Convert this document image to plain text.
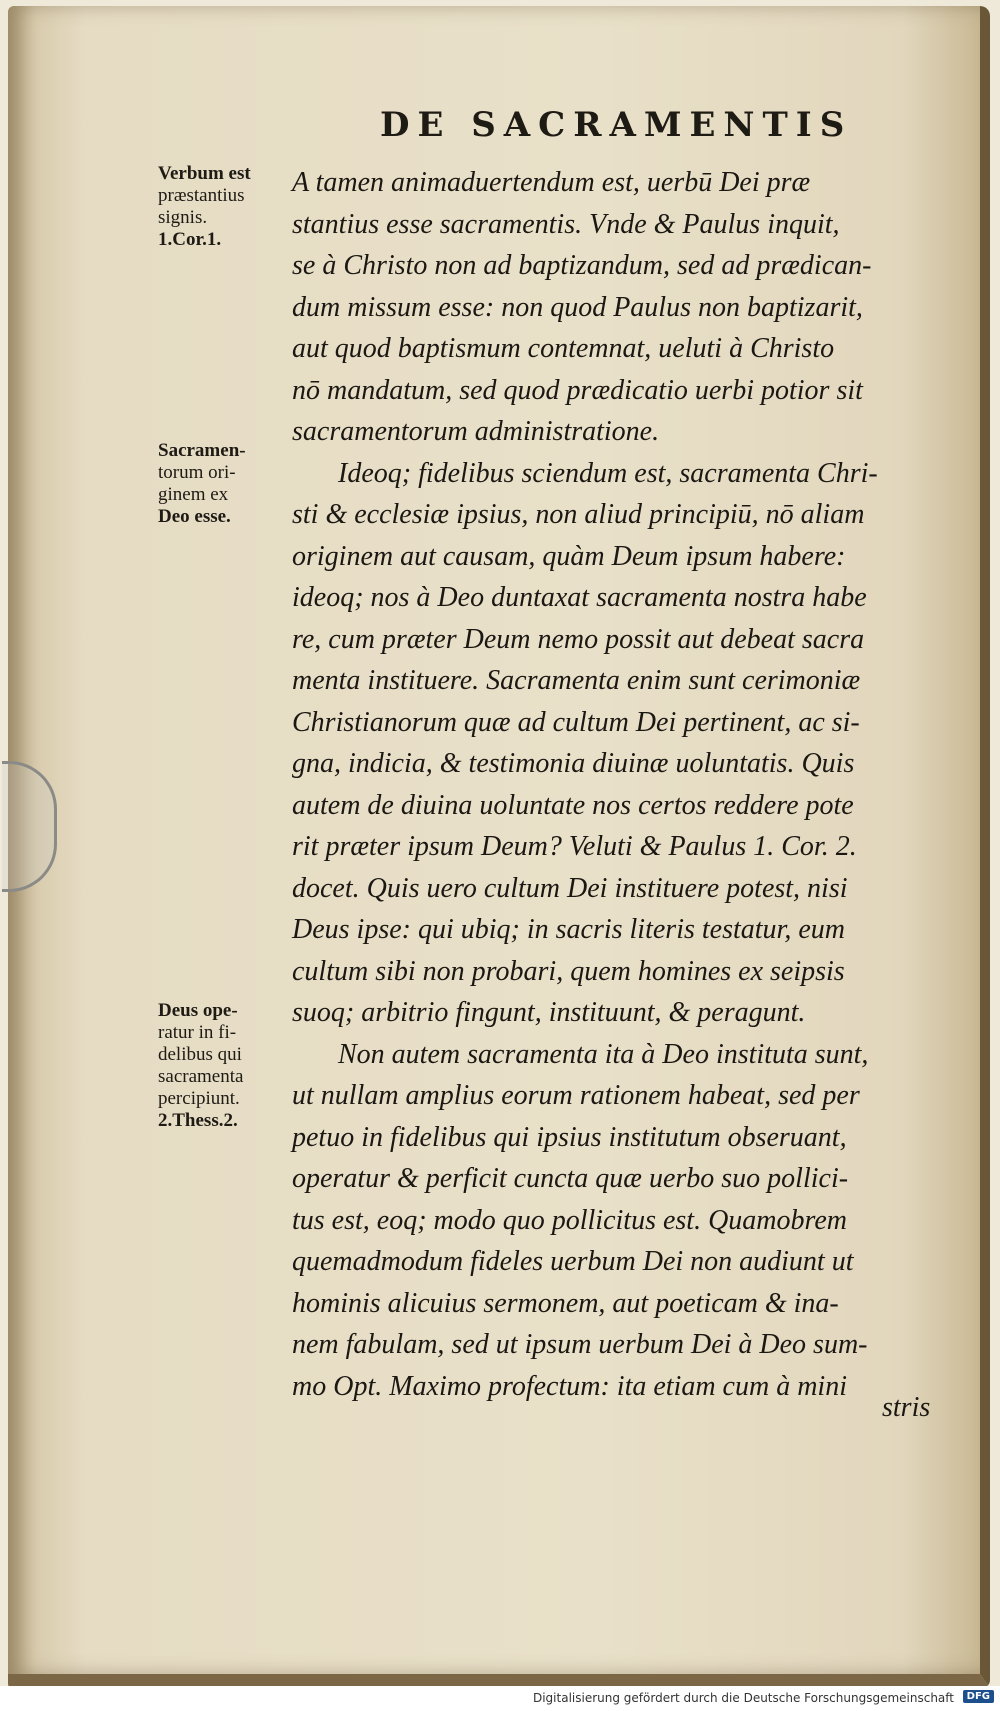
DE SACRAMENTIS
Verbum est
præstantius
signis.
1.Cor.1.
Sacramen-
torum ori-
ginem ex
Deo esse.
Deus ope-
ratur in fi-
delibus qui
sacramenta
percipiunt.
2.Thess.2.
A tamen animaduertendum est, uerbū Dei præ
stantius esse sacramentis. Vnde & Paulus inquit,
se à Christo non ad baptizandum, sed ad prædican-
dum missum esse: non quod Paulus non baptizarit,
aut quod baptismum contemnat, ueluti à Christo
nō mandatum, sed quod prædicatio uerbi potior sit
sacramentorum administratione.
Ideoq; fidelibus sciendum est, sacramenta Chri-
sti & ecclesiæ ipsius, non aliud principiū, nō aliam
originem aut causam, quàm Deum ipsum habere:
ideoq; nos à Deo duntaxat sacramenta nostra habe
re, cum præter Deum nemo possit aut debeat sacra
menta instituere. Sacramenta enim sunt cerimoniæ
Christianorum quæ ad cultum Dei pertinent, ac si-
gna, indicia, & testimonia diuinæ uoluntatis. Quis
autem de diuina uoluntate nos certos reddere pote
rit præter ipsum Deum? Veluti & Paulus 1. Cor. 2.
docet. Quis uero cultum Dei instituere potest, nisi
Deus ipse: qui ubiq; in sacris literis testatur, eum
cultum sibi non probari, quem homines ex seipsis
suoq; arbitrio fingunt, instituunt, & peragunt.
Non autem sacramenta ita à Deo instituta sunt,
ut nullam amplius eorum rationem habeat, sed per
petuo in fidelibus qui ipsius institutum obseruant,
operatur & perficit cuncta quæ uerbo suo pollici-
tus est, eoq; modo quo pollicitus est. Quamobrem
quemadmodum fideles uerbum Dei non audiunt ut
hominis alicuius sermonem, aut poeticam & ina-
nem fabulam, sed ut ipsum uerbum Dei à Deo sum-
mo Opt. Maximo profectum: ita etiam cum à mini
stris
Digitalisierung gefördert durch die Deutsche Forschungsgemeinschaft	DFG
